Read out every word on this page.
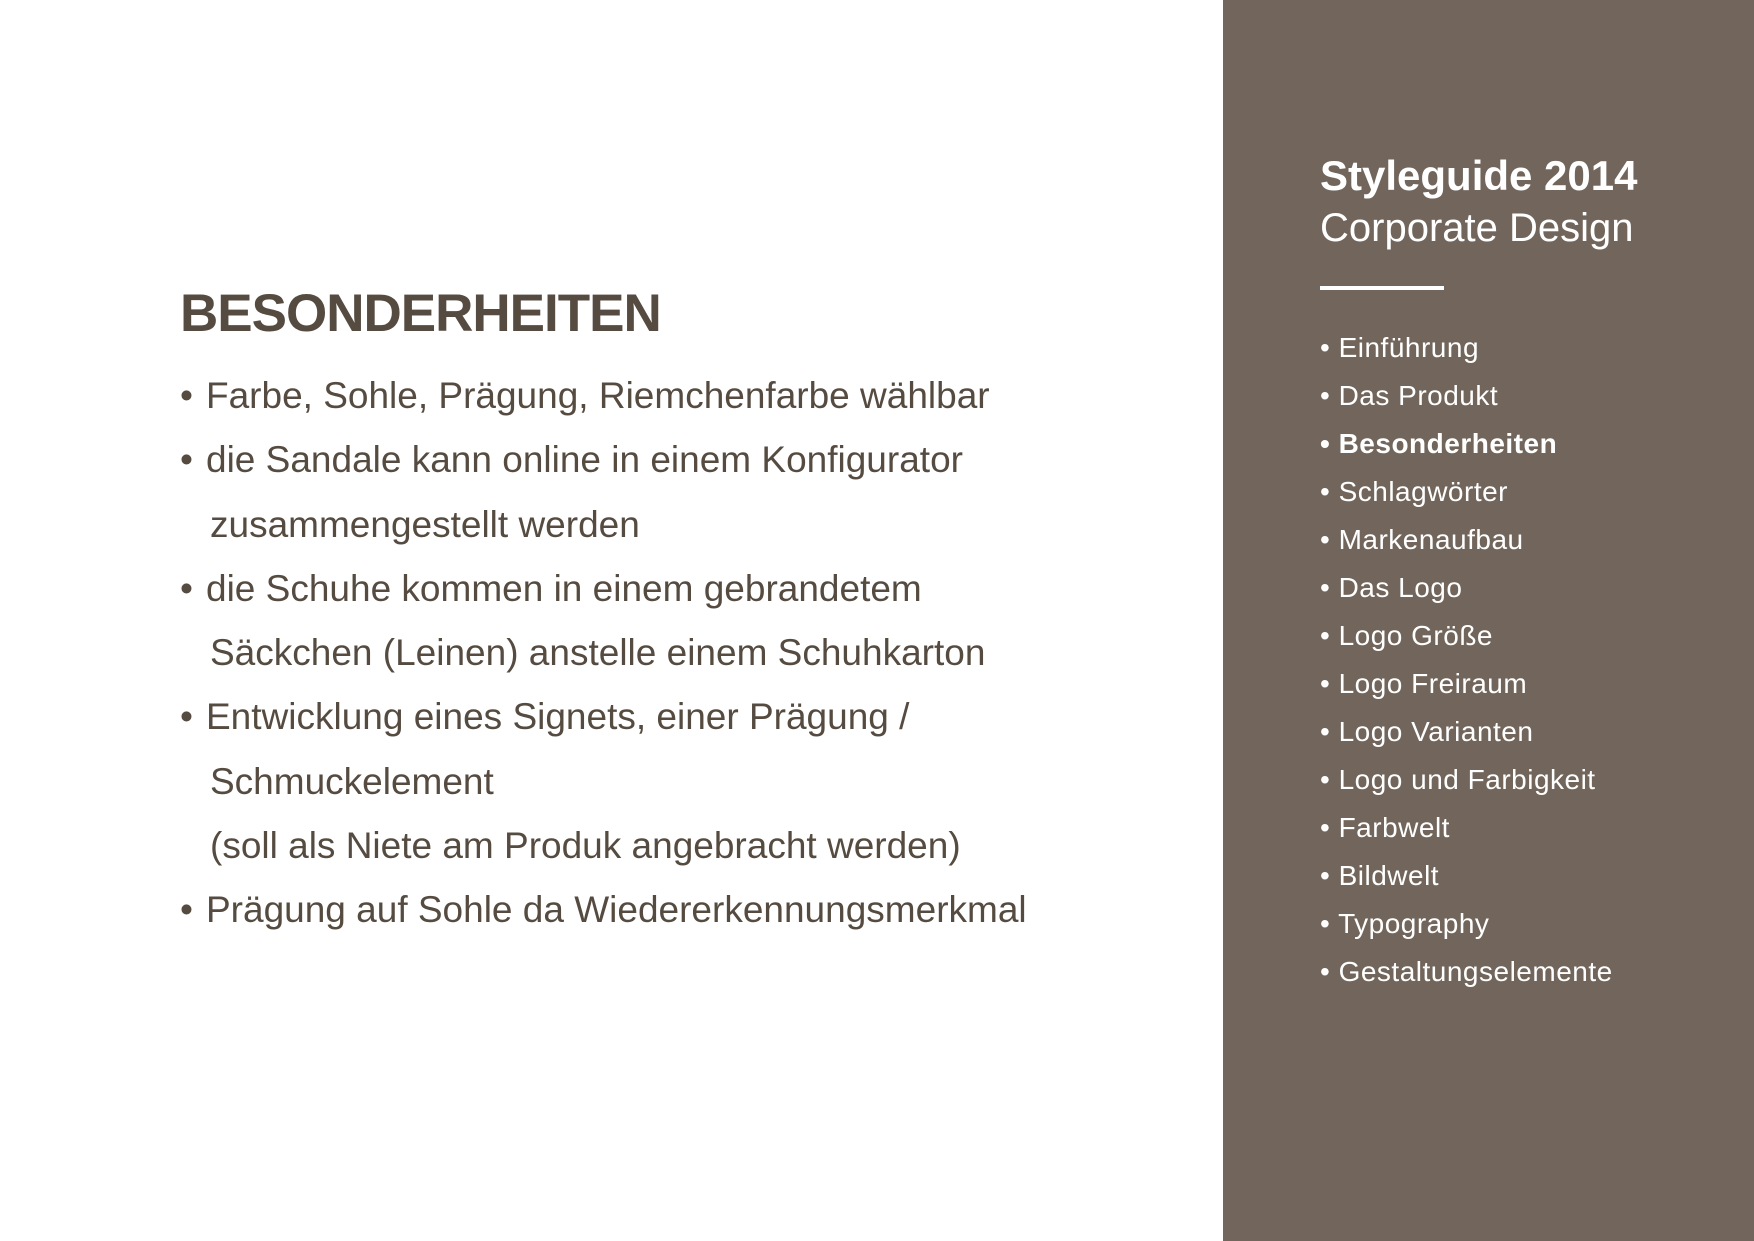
BESONDERHEITEN
• Farbe, Sohle, Prägung, Riemchenfarbe wählbar
• die Sandale kann online in einem Konfigurator
zusammengestellt werden
• die Schuhe kommen in einem gebrandetem
Säckchen (Leinen) anstelle einem Schuhkarton
• Entwicklung eines Signets, einer Prägung /
Schmuckelement
(soll als Niete am Produk angebracht werden)
• Prägung auf Sohle da Wiedererkennungsmerkmal
Styleguide 2014
Corporate Design
• Einführung
• Das Produkt
• Besonderheiten
• Schlagwörter
• Markenaufbau
• Das Logo
• Logo Größe
• Logo Freiraum
• Logo Varianten
• Logo und Farbigkeit
• Farbwelt
• Bildwelt
• Typography
• Gestaltungselemente
